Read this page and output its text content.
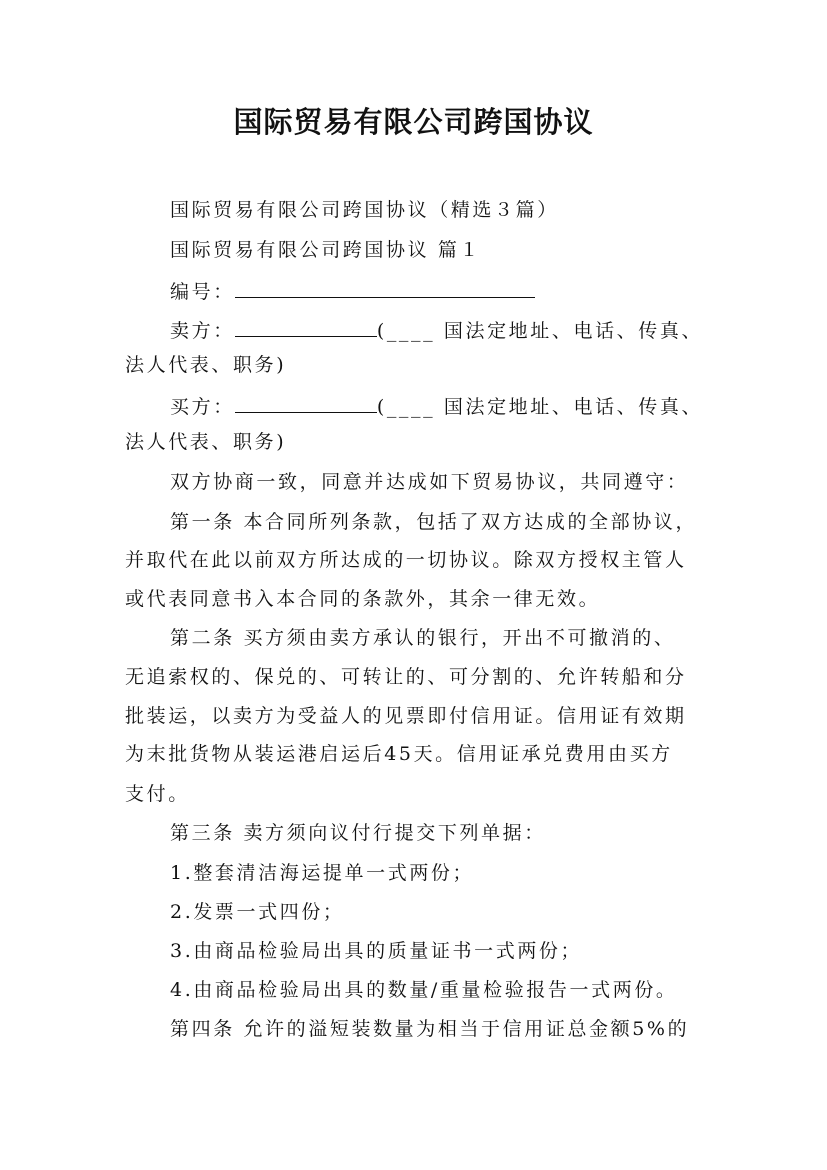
国际贸易有限公司跨国协议
国际贸易有限公司跨国协议（精选３篇）
国际贸易有限公司跨国协议 篇１
编号：
卖方：	(____ 国法定地址、电话、传真、
法人代表、职务)
买方：	(____ 国法定地址、电话、传真、
法人代表、职务)
双方协商一致，同意并达成如下贸易协议，共同遵守：
第一条 本合同所列条款，包括了双方达成的全部协议，
并取代在此以前双方所达成的一切协议。除双方授权主管人
或代表同意书入本合同的条款外，其余一律无效。
第二条 买方须由卖方承认的银行，开出不可撤消的、
无追索权的、保兑的、可转让的、可分割的、允许转船和分
批装运，以卖方为受益人的见票即付信用证。信用证有效期
为末批货物从装运港启运后45天。信用证承兑费用由买方
支付。
第三条 卖方须向议付行提交下列单据：
1.整套清洁海运提单一式两份；
2.发票一式四份；
3.由商品检验局出具的质量证书一式两份；
4.由商品检验局出具的数量/重量检验报告一式两份。
第四条 允许的溢短装数量为相当于信用证总金额5%的
